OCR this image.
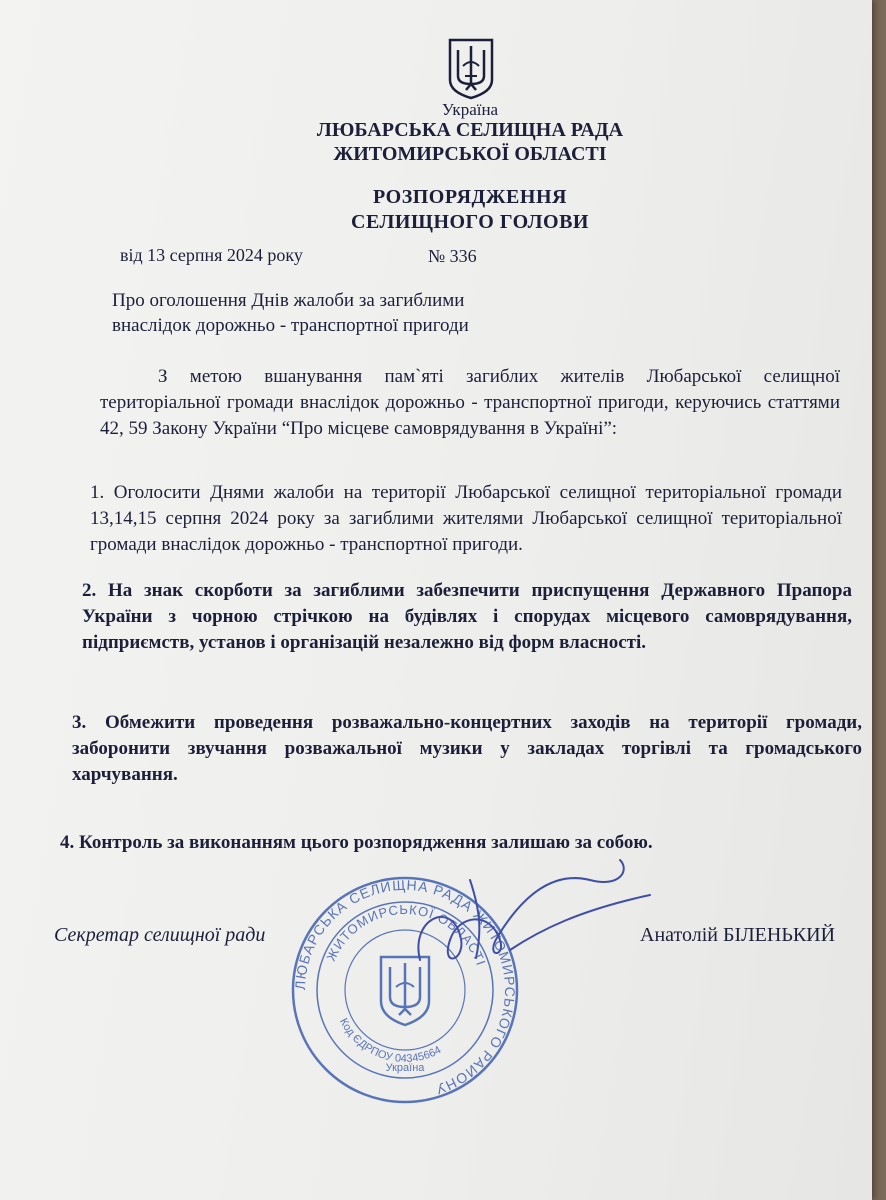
Україна
ЛЮБАРСЬКА СЕЛИЩНА РАДА
ЖИТОМИРСЬКОЇ ОБЛАСТІ
РОЗПОРЯДЖЕННЯ
СЕЛИЩНОГО ГОЛОВИ
від 13 серпня 2024 року	№ 336
Про оголошення Днів жалоби за загиблими
внаслідок дорожньо - транспортної пригоди
З метою вшанування пам`яті загиблих жителів Любарської селищної територіальної громади внаслідок дорожньо - транспортної пригоди, керуючись статтями 42, 59 Закону України “Про місцеве самоврядування в Україні”:
1. Оголосити Днями жалоби на території Любарської селищної територіальної громади 13,14,15 серпня 2024 року за загиблими жителями Любарської селищної територіальної громади внаслідок дорожньо - транспортної пригоди.
2. На знак скорботи за загиблими забезпечити приспущення Державного Прапора України з чорною стрічкою на будівлях і спорудах місцевого самоврядування, підприємств, установ і організацій незалежно від форм власності.
3. Обмежити проведення розважально-концертних заходів на території громади, заборонити звучання розважальної музики у закладах торгівлі та громадського харчування.
4. Контроль за виконанням цього розпорядження залишаю за собою.
ЛЮБАРСЬКА СЕЛИЩНА РАДА ЖИТОМИРСЬКОГО РАЙОНУ
ЖИТОМИРСЬКОЇ ОБЛАСТІ
Код ЄДРПОУ 04345664
Україна
Секретар селищної ради	Анатолій БІЛЕНЬКИЙ
